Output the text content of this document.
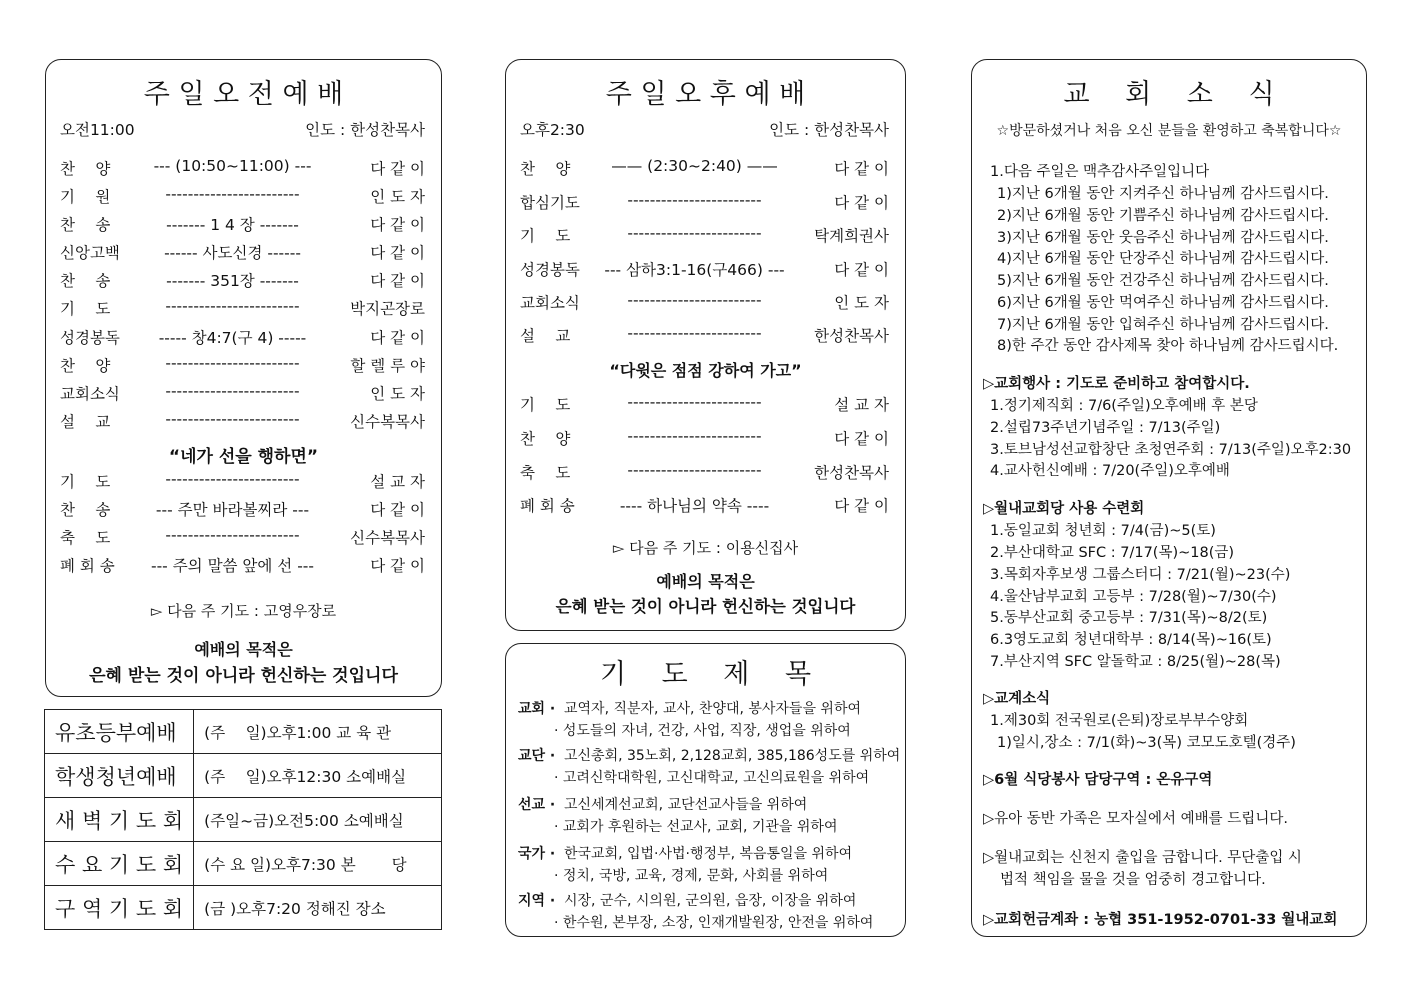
주 일 오 전 예 배
오전11:00	인도 : 한성찬목사
“네가 선을 행하면”
▻ 다음 주 기도 : 고영우장로
예배의 목적은
은혜 받는 것이 아니라 헌신하는 것입니다
찬　 양	--- (10:50~11:00) ---	다 같 이
기　 원	------------------------	인 도 자
찬　 송	------- 1 4 장 -------	다 같 이
신앙고백	------ 사도신경 ------	다 같 이
찬　 송	------- 351장 -------	다 같 이
기　 도	------------------------	박지곤장로
성경봉독	----- 창4:7(구 4) -----	다 같 이
찬　 양	------------------------	할 렐 루 야
교회소식	------------------------	인 도 자
설　 교	------------------------	신수복목사
기　 도	------------------------	설 교 자
찬　 송	--- 주만 바라볼찌라 ---	다 같 이
축　 도	------------------------	신수복목사
폐 회 송	--- 주의 말씀 앞에 선 ---	다 같 이
유초등부예배	(주　 일)오후1:00 교 육 관
학생청년예배	(주　 일)오후12:30 소예배실
새 벽 기 도 회	(주일~금)오전5:00 소예배실
수 요 기 도 회	(수 요 일)오후7:30 본　　 당
구 역 기 도 회	(금 )오후7:20 정해진 장소
주 일 오 후 예 배
오후2:30	인도 : 한성찬목사
“다윗은 점점 강하여 가고”
▻ 다음 주 기도 : 이용신집사
예배의 목적은
은혜 받는 것이 아니라 헌신하는 것입니다
찬　 양	—— (2:30~2:40) ——	다 같 이
합심기도	------------------------	다 같 이
기　 도	------------------------	탁계희권사
성경봉독	--- 삼하3:1-16(구466) ---	다 같 이
교회소식	------------------------	인 도 자
설　 교	------------------------	한성찬목사
기　 도	------------------------	설 교 자
찬　 양	------------------------	다 같 이
축　 도	------------------------	한성찬목사
폐 회 송	---- 하나님의 약속 ----	다 같 이
기　 도　 제　 목
교회 · 교역자, 직분자, 교사, 찬양대, 봉사자들을 위하여
· 성도들의 자녀, 건강, 사업, 직장, 생업을 위하여
교단 · 고신총회, 35노회, 2,128교회, 385,186성도를 위하여
· 고려신학대학원, 고신대학교, 고신의료원을 위하여
선교 · 고신세계선교회, 교단선교사들을 위하여
· 교회가 후원하는 선교사, 교회, 기관을 위하여
국가 · 한국교회, 입법·사법·행정부, 복음통일을 위하여
· 정치, 국방, 교육, 경제, 문화, 사회를 위하여
지역 · 시장, 군수, 시의원, 군의원, 읍장, 이장을 위하여
· 한수원, 본부장, 소장, 인재개발원장, 안전을 위하여
교　 회　 소　 식
☆방문하셨거나 처음 오신 분들을 환영하고 축복합니다☆
1.다음 주일은 맥추감사주일입니다
1)지난 6개월 동안 지켜주신 하나님께 감사드립시다.
2)지난 6개월 동안 기쁨주신 하나님께 감사드립시다.
3)지난 6개월 동안 웃음주신 하나님께 감사드립시다.
4)지난 6개월 동안 단장주신 하나님께 감사드립시다.
5)지난 6개월 동안 건강주신 하나님께 감사드립시다.
6)지난 6개월 동안 먹여주신 하나님께 감사드립시다.
7)지난 6개월 동안 입혀주신 하나님께 감사드립시다.
8)한 주간 동안 감사제목 찾아 하나님께 감사드립시다.
▷교회행사 : 기도로 준비하고 참여합시다.
1.정기제직회 : 7/6(주일)오후예배 후 본당
2.설립73주년기념주일 : 7/13(주일)
3.토브남성선교합창단 초청연주회 : 7/13(주일)오후2:30
4.교사헌신예배 : 7/20(주일)오후예배
▷월내교회당 사용 수련회
1.동일교회 청년회 : 7/4(금)~5(토)
2.부산대학교 SFC : 7/17(목)~18(금)
3.목회자후보생 그룹스터디 : 7/21(월)~23(수)
4.울산남부교회 고등부 : 7/28(월)~7/30(수)
5.동부산교회 중고등부 : 7/31(목)~8/2(토)
6.3영도교회 청년대학부 : 8/14(목)~16(토)
7.부산지역 SFC 알돌학교 : 8/25(월)~28(목)
▷교계소식
1.제30회 전국원로(은퇴)장로부부수양회
1)일시,장소 : 7/1(화)~3(목) 코모도호텔(경주)
▷6월 식당봉사 담당구역 : 온유구역
▷유아 동반 가족은 모자실에서 예배를 드립니다.
▷월내교회는 신천지 출입을 금합니다. 무단출입 시
법적 책임을 물을 것을 엄중히 경고합니다.
▷교회헌금계좌 : 농협 351-1952-0701-33 월내교회
